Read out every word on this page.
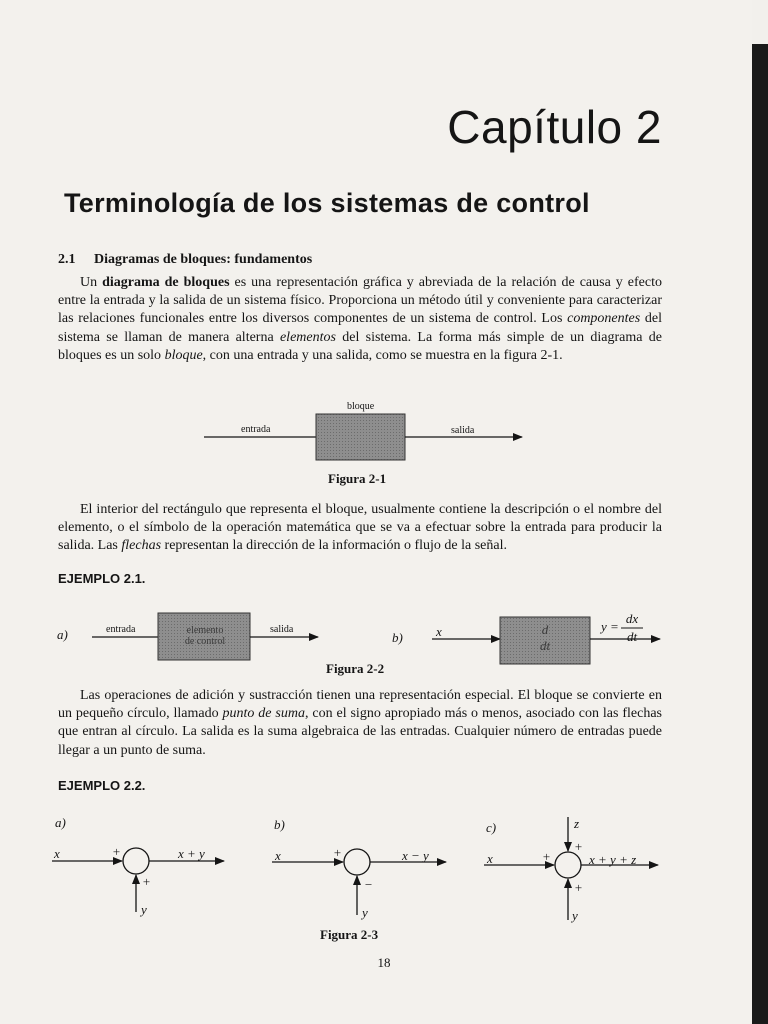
Capítulo 2
Terminología de los sistemas de control
2.1 Diagramas de bloques: fundamentos

Un diagrama de bloques es una representación gráfica y abreviada de la relación de causa y efecto entre la entrada y la salida de un sistema físico. Proporciona un método útil y conveniente para caracterizar las relaciones funcionales entre los diversos componentes de un sistema de control. Los componentes del sistema se llaman de manera alterna elementos del sistema. La forma más simple de un diagrama de bloques es un solo bloque, con una entrada y una salida, como se muestra en la figura 2-1.

bloque
entrada	salida
Figura 2-1

El interior del rectángulo que representa el bloque, usualmente contiene la descripción o el nombre del elemento, o el símbolo de la operación matemática que se va a efectuar sobre la entrada para producir la salida. Las flechas representan la dirección de la información o flujo de la señal.

EJEMPLO 2.1.
a)	entrada	elemento
de control
salida
b)	x	d
dt
y =
dx
dt
Figura 2-2

Las operaciones de adición y sustracción tienen una representación especial. El bloque se convierte en un pequeño círculo, llamado punto de suma, con el signo apropiado más o menos, asociado con las flechas que entran al círculo. La salida es la suma algebraica de las entradas. Cualquier número de entradas puede llegar a un punto de suma.

EJEMPLO 2.2.
a)
x	+	x + y
+
y
b)
x	+	x − y
−
y
c)	z
+
x	+	x + y + z
+
y
Figura 2-3
18
